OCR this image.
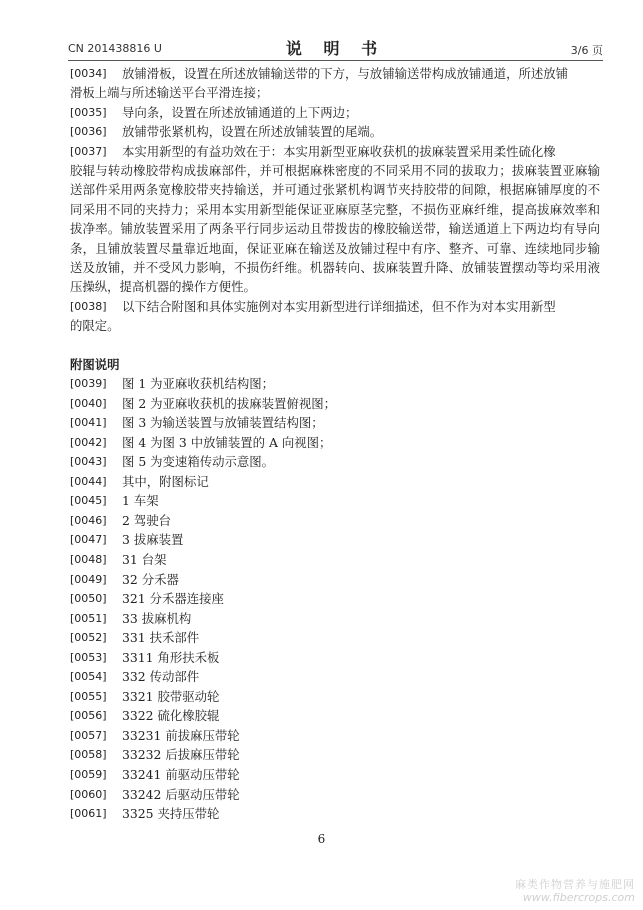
CN 201438816 U	说 明 书	3/6 页
[0034] 放铺滑板，设置在所述放铺输送带的下方，与放铺输送带构成放铺通道，所述放铺
滑板上端与所述输送平台平滑连接；
[0035] 导向条，设置在所述放铺通道的上下两边；
[0036] 放铺带张紧机构，设置在所述放铺装置的尾端。
[0037] 本实用新型的有益功效在于：本实用新型亚麻收获机的拔麻装置采用柔性硫化橡
胶辊与转动橡胶带构成拔麻部件，并可根据麻株密度的不同采用不同的拔取力；拔麻装置亚麻输送部件采用两条宽橡胶带夹持输送，并可通过张紧机构调节夹持胶带的间隙，根据麻铺厚度的不同采用不同的夹持力；采用本实用新型能保证亚麻原茎完整，不损伤亚麻纤维，提高拔麻效率和拔净率。铺放装置采用了两条平行同步运动且带拨齿的橡胶输送带，输送通道上下两边均有导向条，且铺放装置尽量靠近地面，保证亚麻在输送及放铺过程中有序、整齐、可靠、连续地同步输送及放铺，并不受风力影响，不损伤纤维。机器转向、拔麻装置升降、放铺装置摆动等均采用液压操纵，提高机器的操作方便性。
[0038] 以下结合附图和具体实施例对本实用新型进行详细描述，但不作为对本实用新型
的限定。
附图说明
[0039] 图 1 为亚麻收获机结构图；
[0040] 图 2 为亚麻收获机的拔麻装置俯视图；
[0041] 图 3 为输送装置与放铺装置结构图；
[0042] 图 4 为图 3 中放铺装置的 A 向视图；
[0043] 图 5 为变速箱传动示意图。
[0044] 其中，附图标记
[0045] 1 车架
[0046] 2 驾驶台
[0047] 3 拔麻装置
[0048] 31 台架
[0049] 32 分禾器
[0050] 321 分禾器连接座
[0051] 33 拔麻机构
[0052] 331 扶禾部件
[0053] 3311 角形扶禾板
[0054] 332 传动部件
[0055] 3321 胶带驱动轮
[0056] 3322 硫化橡胶辊
[0057] 33231 前拔麻压带轮
[0058] 33232 后拔麻压带轮
[0059] 33241 前驱动压带轮
[0060] 33242 后驱动压带轮
[0061] 3325 夹持压带轮
6
麻类作物营养与施肥网
www.fibercrops.com
